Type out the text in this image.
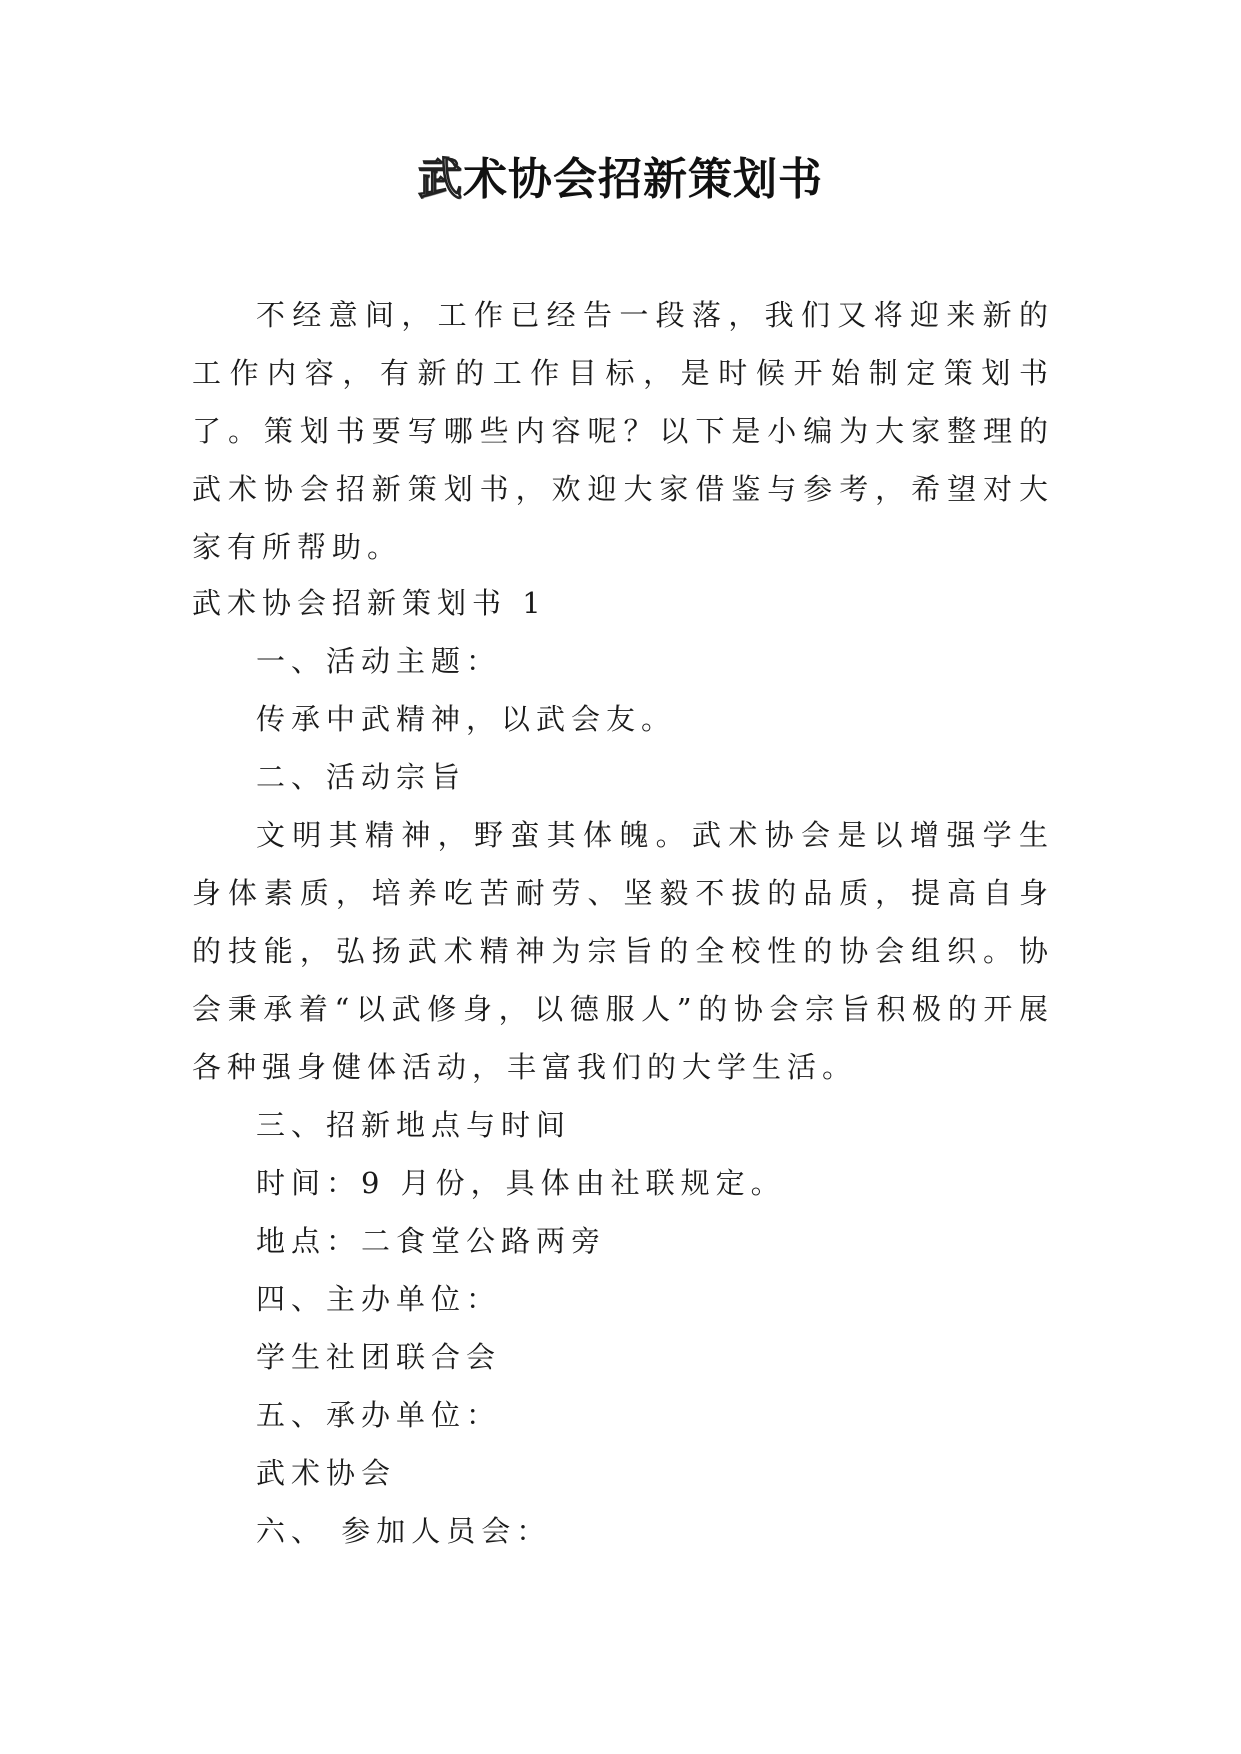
武术协会招新策划书

不经意间，工作已经告一段落，我们又将迎来新的工作内容，有新的工作目标，是时候开始制定策划书了。策划书要写哪些内容呢？以下是小编为大家整理的武术协会招新策划书，欢迎大家借鉴与参考，希望对大家有所帮助。

武术协会招新策划书 1

一、活动主题：

传承中武精神，以武会友。

二、活动宗旨

文明其精神，野蛮其体魄。武术协会是以增强学生身体素质，培养吃苦耐劳、坚毅不拔的品质，提高自身的技能，弘扬武术精神为宗旨的全校性的协会组织。协会秉承着“以武修身，以德服人”的协会宗旨积极的开展各种强身健体活动，丰富我们的大学生活。

三、招新地点与时间

时间：9 月份，具体由社联规定。

地点：二食堂公路两旁

四、主办单位：

学生社团联合会

五、承办单位：

武术协会

六、 参加人员会：
